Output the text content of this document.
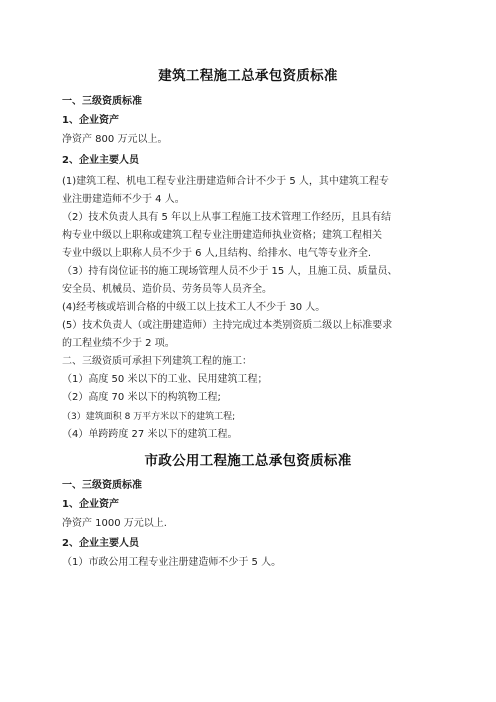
建筑工程施工总承包资质标准
一、三级资质标准
1、企业资产
净资产 800 万元以上。
2、企业主要人员
(1)建筑工程、机电工程专业注册建造师合计不少于 5 人，其中建筑工程专
业注册建造师不少于 4 人。
（2）技术负责人具有 5 年以上从事工程施工技术管理工作经历，且具有结
构专业中级以上职称或建筑工程专业注册建造师执业资格；建筑工程相关
专业中级以上职称人员不少于 6 人,且结构、给排水、电气等专业齐全.
（3）持有岗位证书的施工现场管理人员不少于 15 人，且施工员、质量员、
安全员、机械员、造价员、劳务员等人员齐全。
(4)经考核或培训合格的中级工以上技术工人不少于 30 人。
(5）技术负责人（或注册建造师）主持完成过本类别资质二级以上标准要求
的工程业绩不少于 2 项。
二、三级资质可承担下列建筑工程的施工：
（1）高度 50 米以下的工业、民用建筑工程；
（2）高度 70 米以下的构筑物工程;
（3）建筑面积 8 万平方米以下的建筑工程;
（4）单跨跨度 27 米以下的建筑工程。
市政公用工程施工总承包资质标准
一、三级资质标准
1、企业资产
净资产 1000 万元以上.
2、企业主要人员
（1）市政公用工程专业注册建造师不少于 5 人。
